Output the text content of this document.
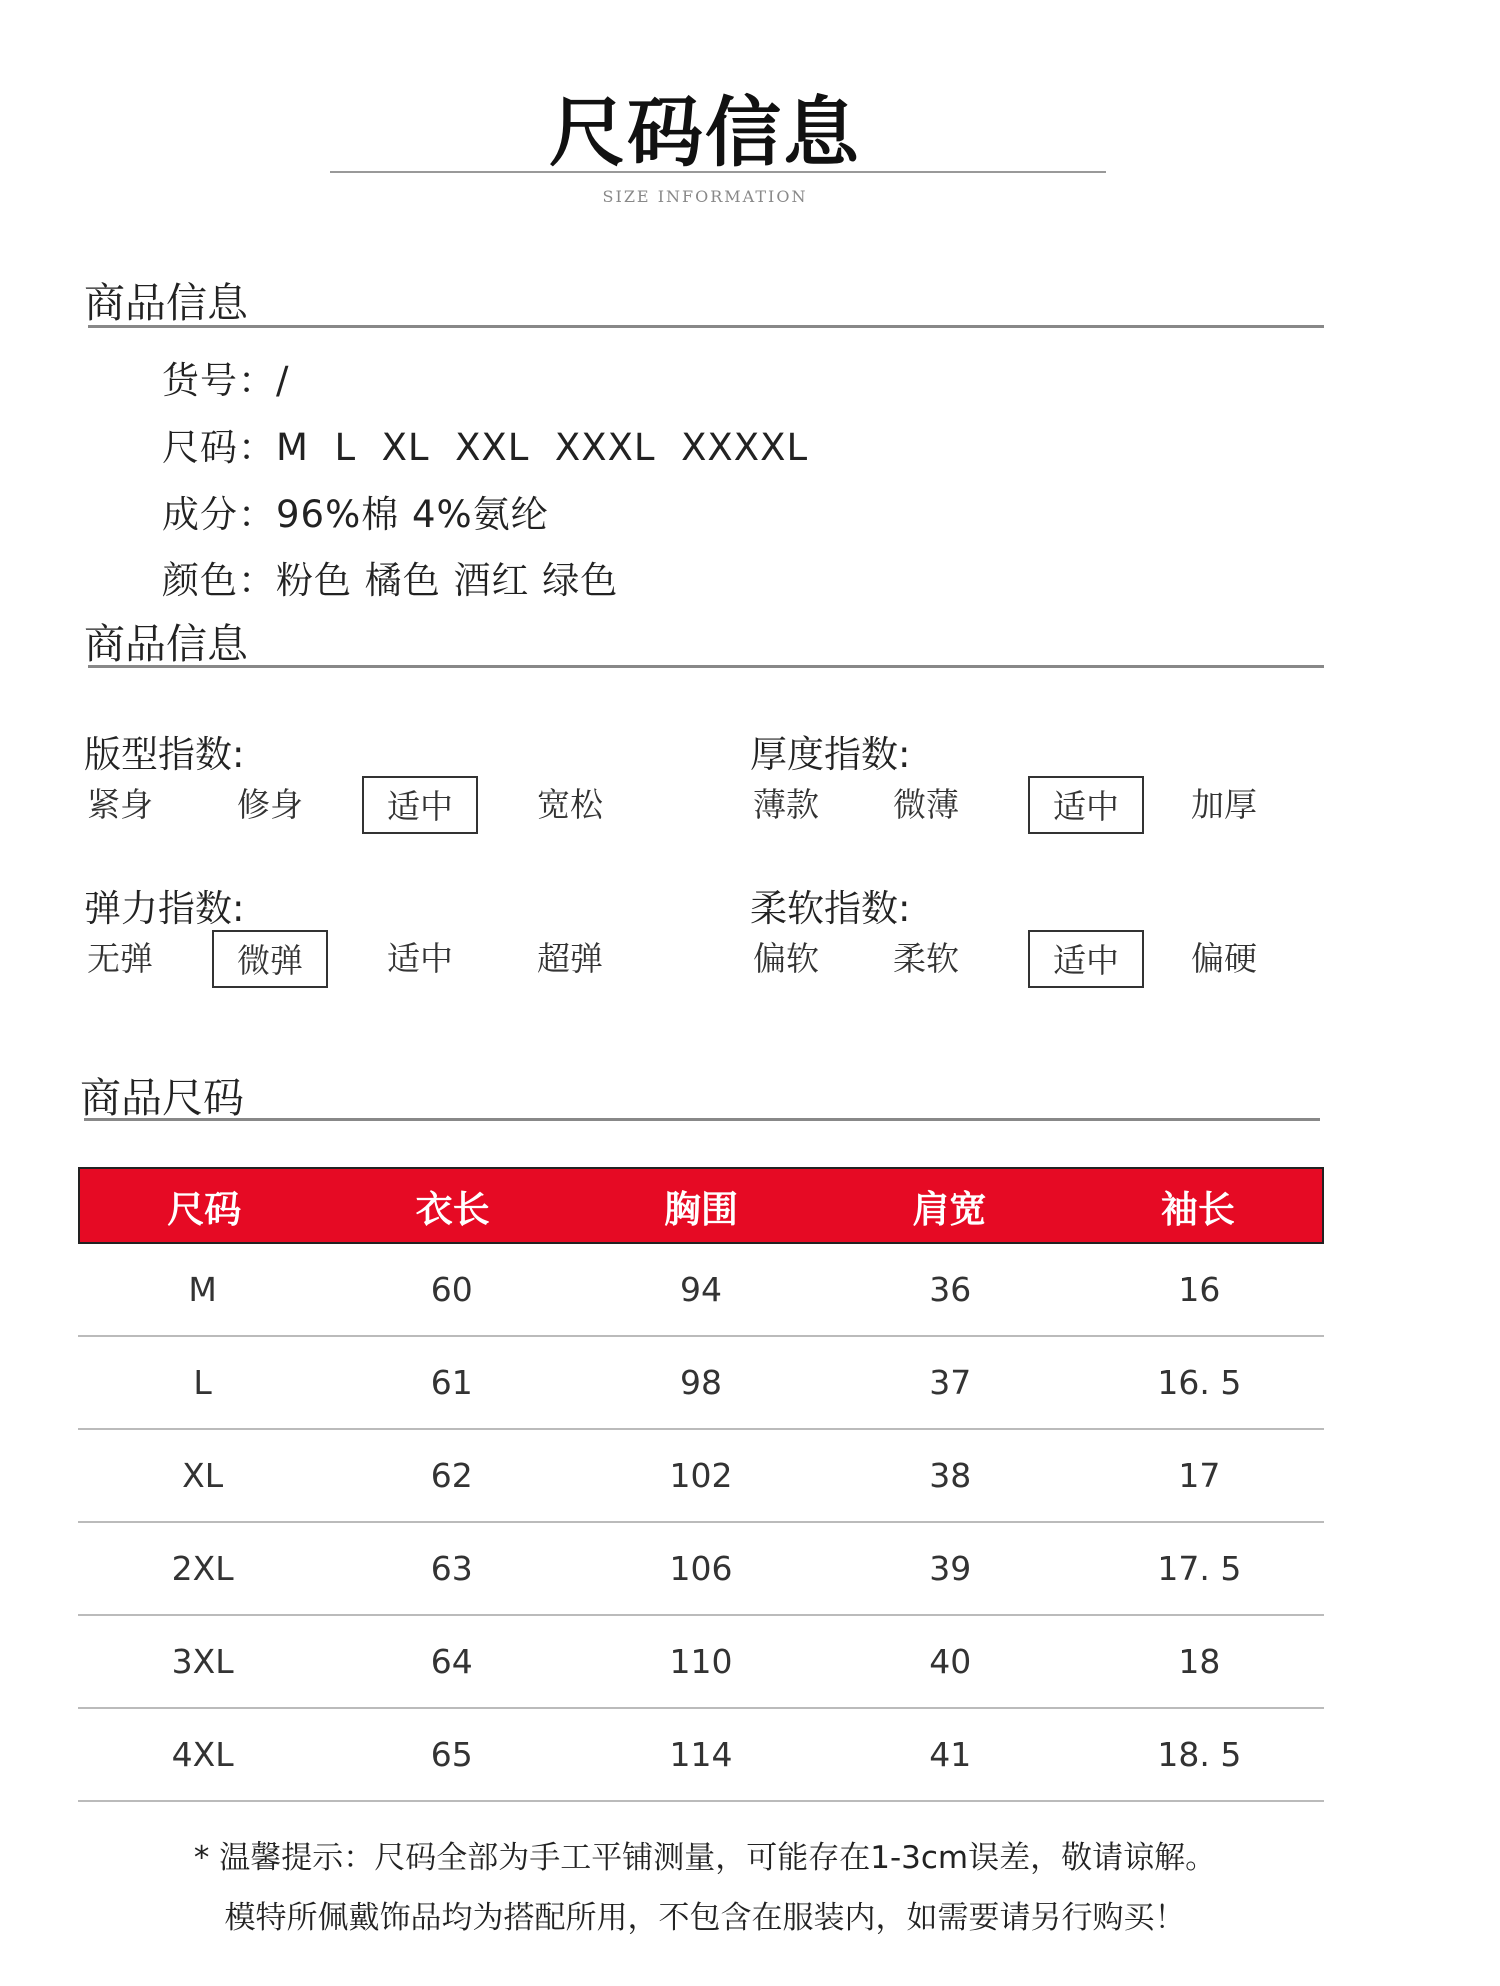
尺码信息
SIZE INFORMATION
商品信息
货号：/
尺码：M  L  XL  XXL  XXXL  XXXXL
成分：96%棉 4%氨纶
颜色：粉色 橘色 酒红 绿色
商品信息
版型指数:
紧身	修身	适中	宽松
厚度指数:
薄款	微薄	适中	加厚
弹力指数:
无弹	微弹	适中	超弹
柔软指数:
偏软	柔软	适中	偏硬
商品尺码
尺码	衣长	胸围	肩宽	袖长
M	60	94	36	16
L	61	98	37	16. 5
XL	62	102	38	17
2XL	63	106	39	17. 5
3XL	64	110	40	18
4XL	65	114	41	18. 5
* 温馨提示：尺码全部为手工平铺测量，可能存在1-3cm误差，敬请谅解。
模特所佩戴饰品均为搭配所用，不包含在服装内，如需要请另行购买！
